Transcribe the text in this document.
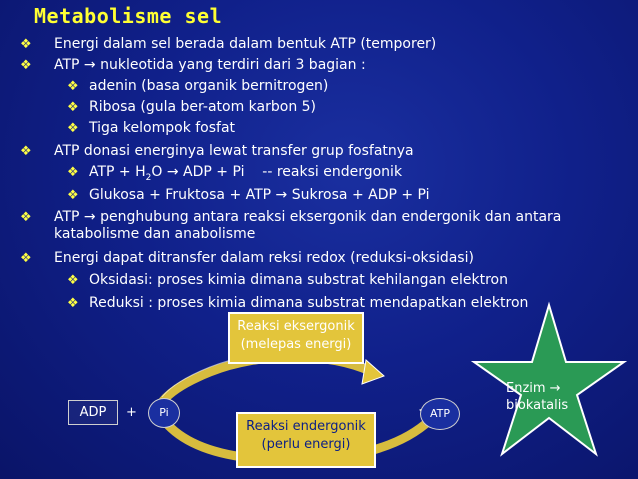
Metabolisme sel
❖ Energi dalam sel berada dalam bentuk ATP (temporer)
❖ ATP → nukleotida yang terdiri dari 3 bagian :
❖ adenin (basa organik bernitrogen)
❖ Ribosa (gula ber-atom karbon 5)
❖ Tiga kelompok fosfat
❖ ATP donasi energinya lewat transfer grup fosfatnya
❖ ATP + $H_2O$ → ADP + Pi    -- reaksi endergonik
❖ Glukosa + Fruktosa + ATP → Sukrosa + ADP + Pi
❖ ATP → penghubung antara reaksi eksergonik dan endergonik dan antara katabolisme dan anabolisme
❖ Energi dapat ditransfer dalam reksi redox (reduksi-oksidasi)
❖ Oksidasi: proses kimia dimana substrat kehilangan elektron
❖ Reduksi : proses kimia dimana substrat mendapatkan elektron
Reaksi eksergonik
(melepas energi)
Reaksi endergonik
(perlu energi)
ADP	+	Pi	ATP
Enzim →
biokatalis
